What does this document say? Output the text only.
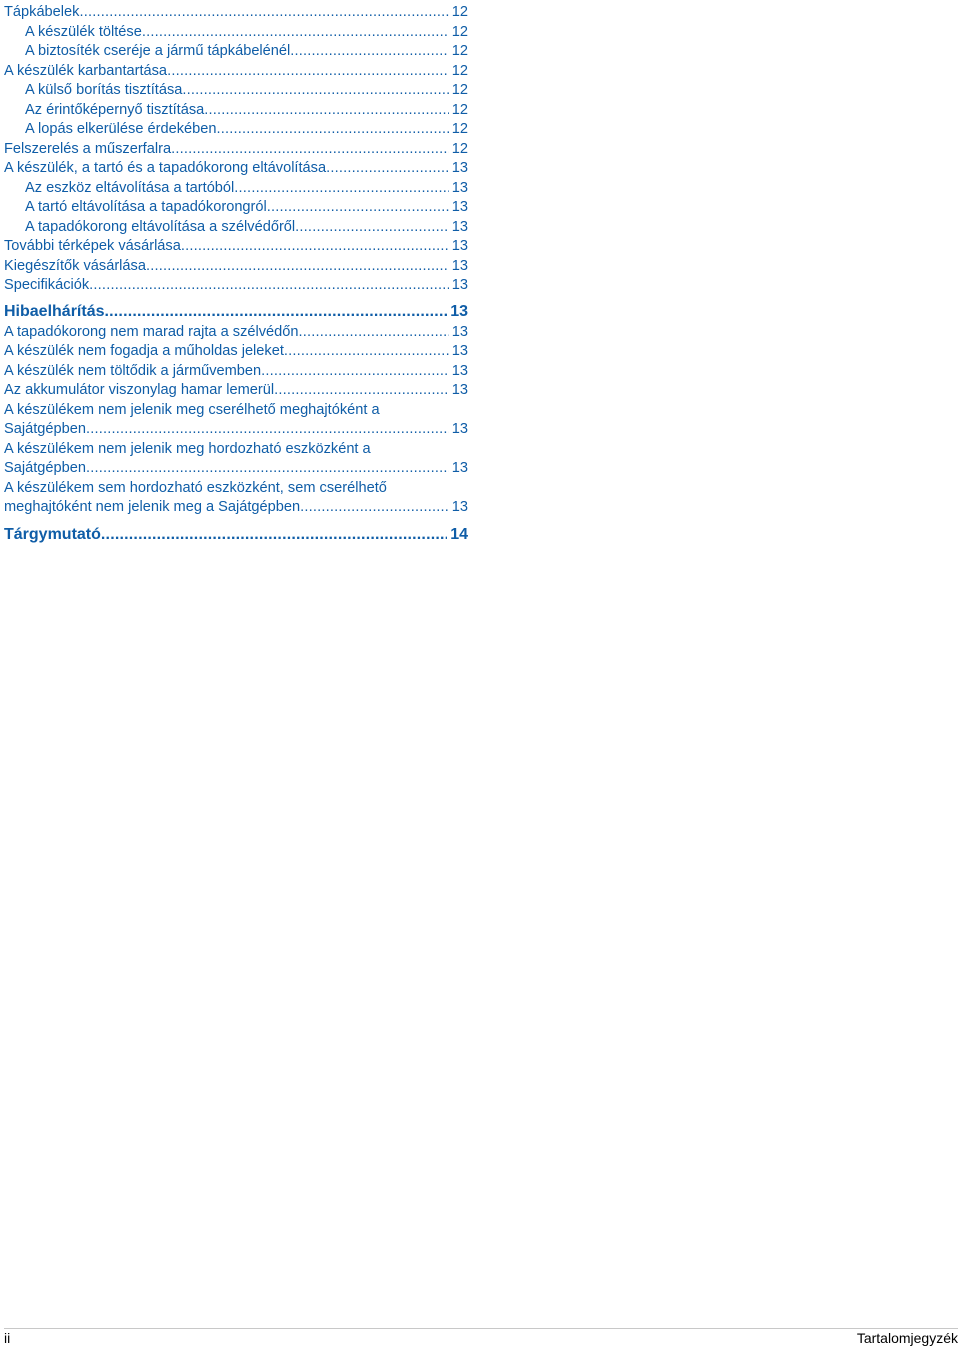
Tápkábelek .....	12
A készülék töltése .....	12
A biztosíték cseréje a jármű tápkábelénél .....	12
A készülék karbantartása .....	12
A külső borítás tisztítása .....	12
Az érintőképernyő tisztítása .....	12
A lopás elkerülése érdekében .....	12
Felszerelés a műszerfalra .....	12
A készülék, a tartó és a tapadókorong eltávolítása .....	13
Az eszköz eltávolítása a tartóból .....	13
A tartó eltávolítása a tapadókorongról .....	13
A tapadókorong eltávolítása a szélvédőről .....	13
További térképek vásárlása .....	13
Kiegészítők vásárlása .....	13
Specifikációk .....	13
Hibaelhárítás .....	13
A tapadókorong nem marad rajta a szélvédőn .....	13
A készülék nem fogadja a műholdas jeleket .....	13
A készülék nem töltődik a járművemben .....	13
Az akkumulátor viszonylag hamar lemerül .....	13
A készülékem nem jelenik meg cserélhető meghajtóként a
Sajátgépben .....	13
A készülékem nem jelenik meg hordozható eszközként a
Sajátgépben .....	13
A készülékem sem hordozható eszközként, sem cserélhető
meghajtóként nem jelenik meg a Sajátgépben .....	13
Tárgymutató .....	14
ii	Tartalomjegyzék
